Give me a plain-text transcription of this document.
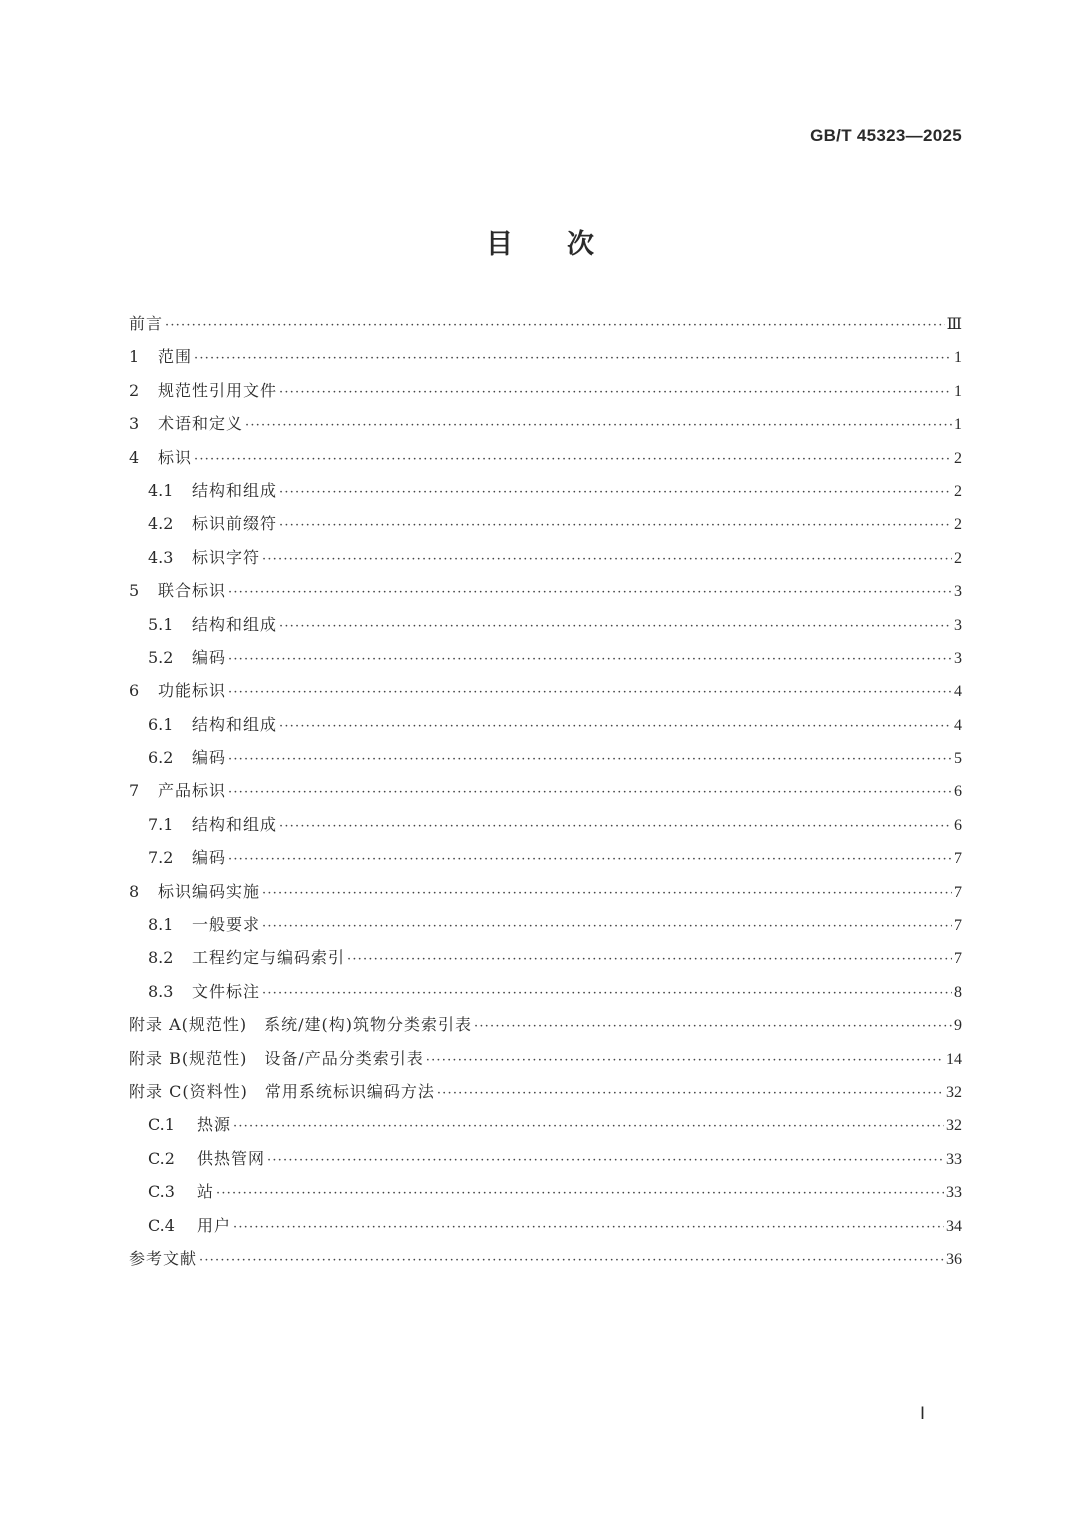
GB/T 45323—2025
目次
前言 ·····	Ⅲ
1	范围 ·····	1
2	规范性引用文件 ·····	1
3	术语和定义 ·····	1
4	标识 ·····	2
4.1	结构和组成 ·····	2
4.2	标识前缀符 ·····	2
4.3	标识字符 ·····	2
5	联合标识 ·····	3
5.1	结构和组成 ·····	3
5.2	编码 ·····	3
6	功能标识 ·····	4
6.1	结构和组成 ·····	4
6.2	编码 ·····	5
7	产品标识 ·····	6
7.1	结构和组成 ·····	6
7.2	编码 ·····	7
8	标识编码实施 ·····	7
8.1	一般要求 ·····	7
8.2	工程约定与编码索引 ·····	7
8.3	文件标注 ·····	8
附录 A(规范性)　系统/建(构)筑物分类索引表 ·····	9
附录 B(规范性)　设备/产品分类索引表 ·····	14
附录 C(资料性)　常用系统标识编码方法 ·····	32
C.1	热源 ·····	32
C.2	供热管网 ·····	33
C.3	站 ·····	33
C.4	用户 ·····	34
参考文献 ·····	36
Ⅰ
